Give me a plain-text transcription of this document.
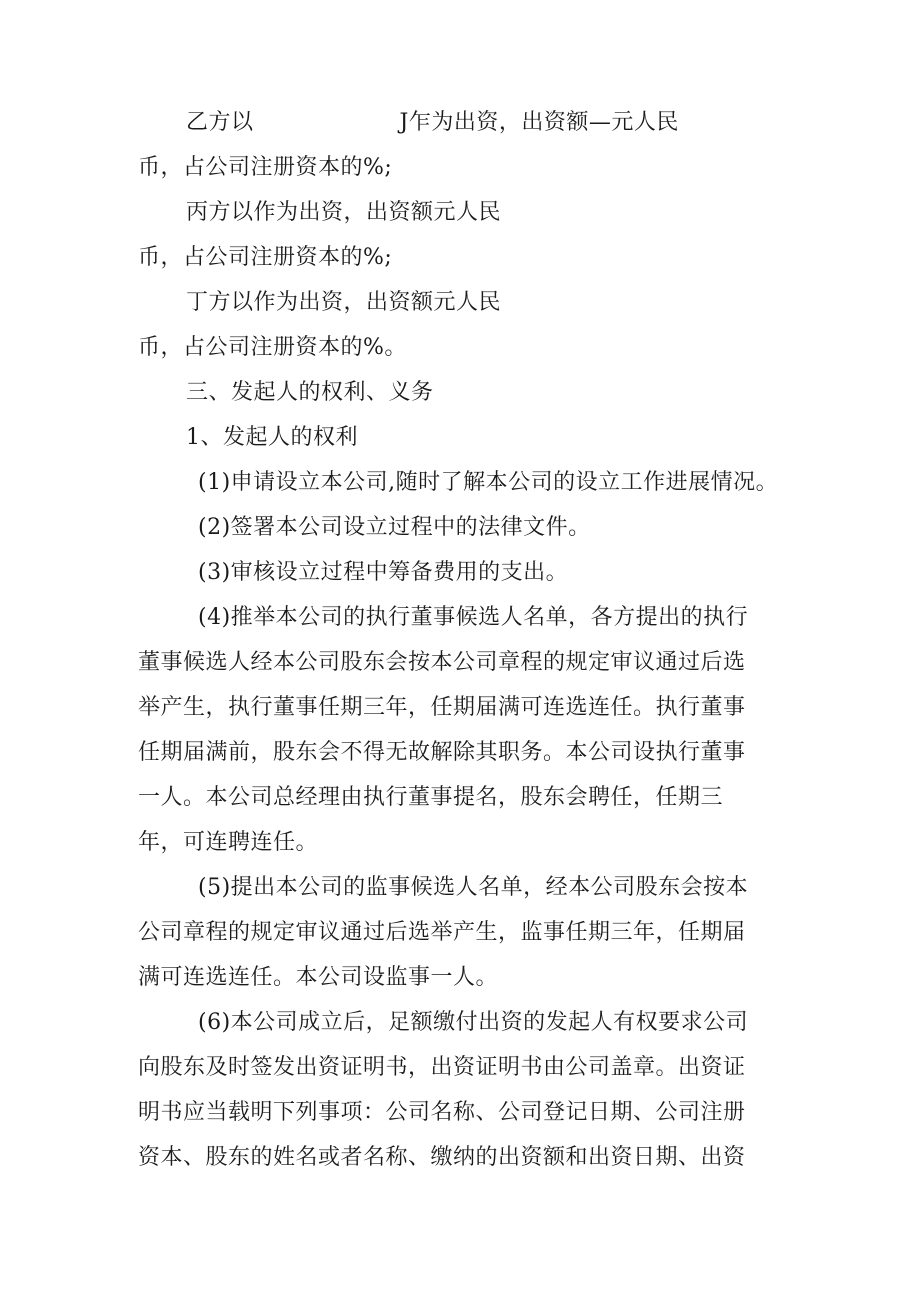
乙方以	J乍为出资，出资额—元人民
币，占公司注册资本的%;
丙方以作为出资，出资额元人民
币，占公司注册资本的%;
丁方以作为出资，出资额元人民
币，占公司注册资本的%。
三、发起人的权利、义务
1、发起人的权利
(1)申请设立本公司,随时了解本公司的设立工作进展情况。
(2)签署本公司设立过程中的法律文件。
(3)审核设立过程中筹备费用的支出。
(4)推举本公司的执行董事候选人名单，各方提出的执行
董事候选人经本公司股东会按本公司章程的规定审议通过后选
举产生，执行董事任期三年，任期届满可连选连任。执行董事
任期届满前，股东会不得无故解除其职务。本公司设执行董事
一人。本公司总经理由执行董事提名，股东会聘任，任期三
年，可连聘连任。
(5)提出本公司的监事候选人名单，经本公司股东会按本
公司章程的规定审议通过后选举产生，监事任期三年，任期届
满可连选连任。本公司设监事一人。
(6)本公司成立后，足额缴付出资的发起人有权要求公司
向股东及时签发出资证明书，出资证明书由公司盖章。出资证
明书应当载明下列事项：公司名称、公司登记日期、公司注册
资本、股东的姓名或者名称、缴纳的出资额和出资日期、出资
